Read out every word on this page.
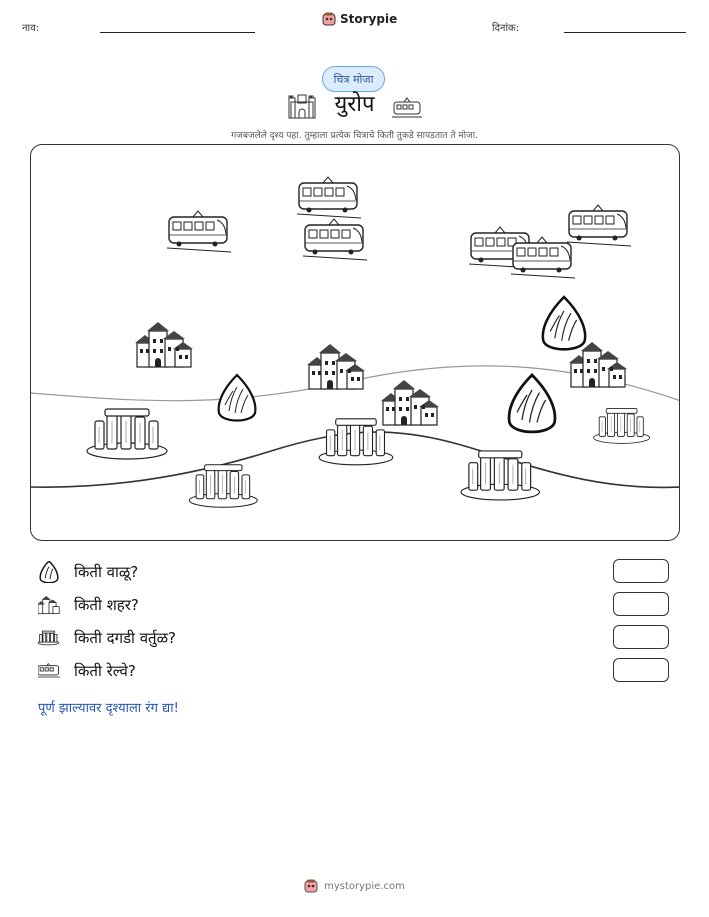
नाव:
Storypie
दिनांक:
चित्र मोजा
युरोप
गजबजलेले दृश्य पहा. तुम्हाला प्रत्येक चित्राचे किती तुकडे सापडतात ते मोजा.
किती वाळू?
किती शहर?
किती दगडी वर्तुळ?
किती रेल्वे?
पूर्ण झाल्यावर दृश्याला रंग द्या!
mystorypie.com
